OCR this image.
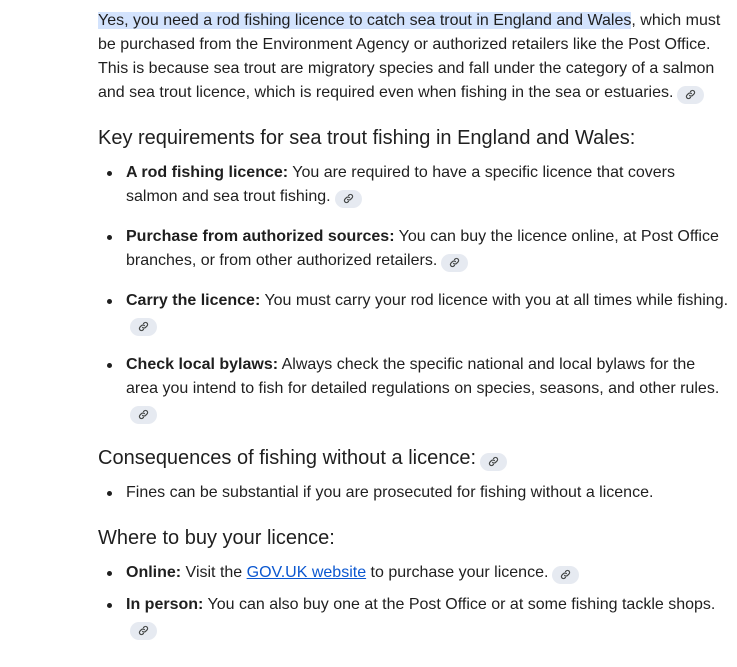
Yes, you need a rod fishing licence to catch sea trout in England and Wales, which must be purchased from the Environment Agency or authorized retailers like the Post Office. This is because sea trout are migratory species and fall under the category of a salmon and sea trout licence, which is required even when fishing in the sea or estuaries.

Key requirements for sea trout fishing in England and Wales:
A rod fishing licence: You are required to have a specific licence that covers salmon and sea trout fishing.
Purchase from authorized sources: You can buy the licence online, at Post Office branches, or from other authorized retailers.
Carry the licence: You must carry your rod licence with you at all times while fishing.
Check local bylaws: Always check the specific national and local bylaws for the area you intend to fish for detailed regulations on species, seasons, and other rules.
Consequences of fishing without a licence:
Fines can be substantial if you are prosecuted for fishing without a licence.
Where to buy your licence:
Online: Visit the GOV.UK website to purchase your licence.
In person: You can also buy one at the Post Office or at some fishing tackle shops.
